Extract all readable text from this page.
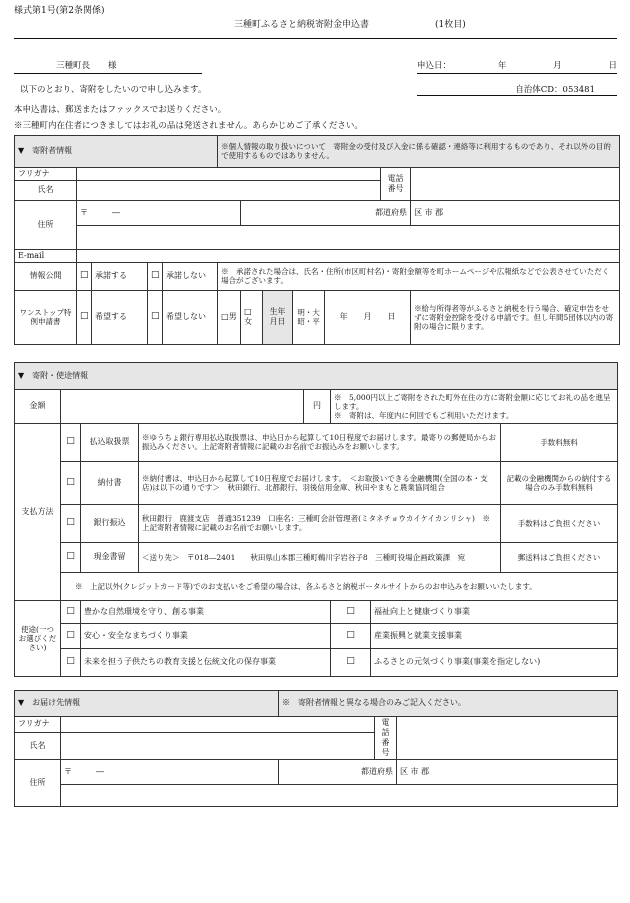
様式第1号(第2条関係)
三種町ふるさと納税寄附金申込書	(1枚目)
三種町長 様	申込日：	年	月	日
以下のとおり、寄附をしたいので申し込みます。	自治体CD：053481
本申込書は、郵送またはファックスでお送りください。
※三種町内在住者につきましてはお礼の品は発送されません。あらかじめご了承ください。
▼　寄附者情報					※個人情報の取り扱いについて　寄附金の受付及び入金に係る確認・連絡等に利用するものであり、それ以外の目的で使用するものではありません。						
フリガナ										電話番号	
氏名											
住所	〒　　　―					都道府県					区 市 郡

E-mail											
情報公開	□	承諾する	□	承諾しない	※　承諾された場合は、氏名・住所(市区町村名)・寄附金額等を町ホームページや広報紙などで公表させていただく場合がございます。						
ワンストップ特例申請書	□	希望する	□	希望しない	□男	□女	生年月日	明・大昭・平	年　　月　　日		※給与所得者等がふるさと納税を行う場合、確定申告をせずに寄附金控除を受ける申請です。但し年間5団体以内の寄附の場合に限ります。
▼　寄附・使途情報							
金額				円	※　5,000円以上ご寄附をされた町外在住の方に寄附金額に応じてお礼の品を進呈します。
※　寄附は、年度内に何回でもご利用いただけます。		

支払方法	□	払込取扱票	※ゆうちょ銀行専用払込取扱票は、申込日から起算して10日程度でお届けします。最寄りの郵便局からお振込みください。上記寄附者情報に記載のお名前でお振込みをお願いします。				手数料無料
	□	納付書	※納付書は、申込日から起算して10日程度でお届けします。　＜お取扱いできる金融機関(全国の本・支店)は以下の通りです＞　秋田銀行、北都銀行、羽後信用金庫、秋田やまもと農業協同組合				記載の金融機関からの納付する場合のみ手数料無料
	□	銀行振込	秋田銀行　鹿渡支店　普通351239　口座名：三種町会計管理者(ミタネチョウカイケイカンリシャ)　※　上記寄附者情報に記載のお名前でお願いします。				手数料はご負担ください
	□	現金書留	＜送り先＞　〒018―2401　　秋田県山本郡三種町鵜川字岩谷子8　三種町役場企画政策課　宛				郵送料はご負担ください
	※　上記以外(クレジットカード等)でのお支払いをご希望の場合は、各ふるさと納税ポータルサイトからのお申込みをお願いいたします。						
使途(一つお選びください)	□	豊かな自然環境を守り、創る事業			□	福祉向上と健康づくり事業	
	□	安心・安全なまちづくり事業			□	産業振興と就業支援事業	
	□	未来を担う子供たちの教育支援と伝統文化の保存事業			□	ふるさとの元気づくり事業(事業を指定しない)	
▼　お届け先情報		※　寄附者情報と異なる場合のみご記入ください。		
フリガナ			電話番号	
氏名				
住所	〒　　　―	都道府県		区 市 郡
